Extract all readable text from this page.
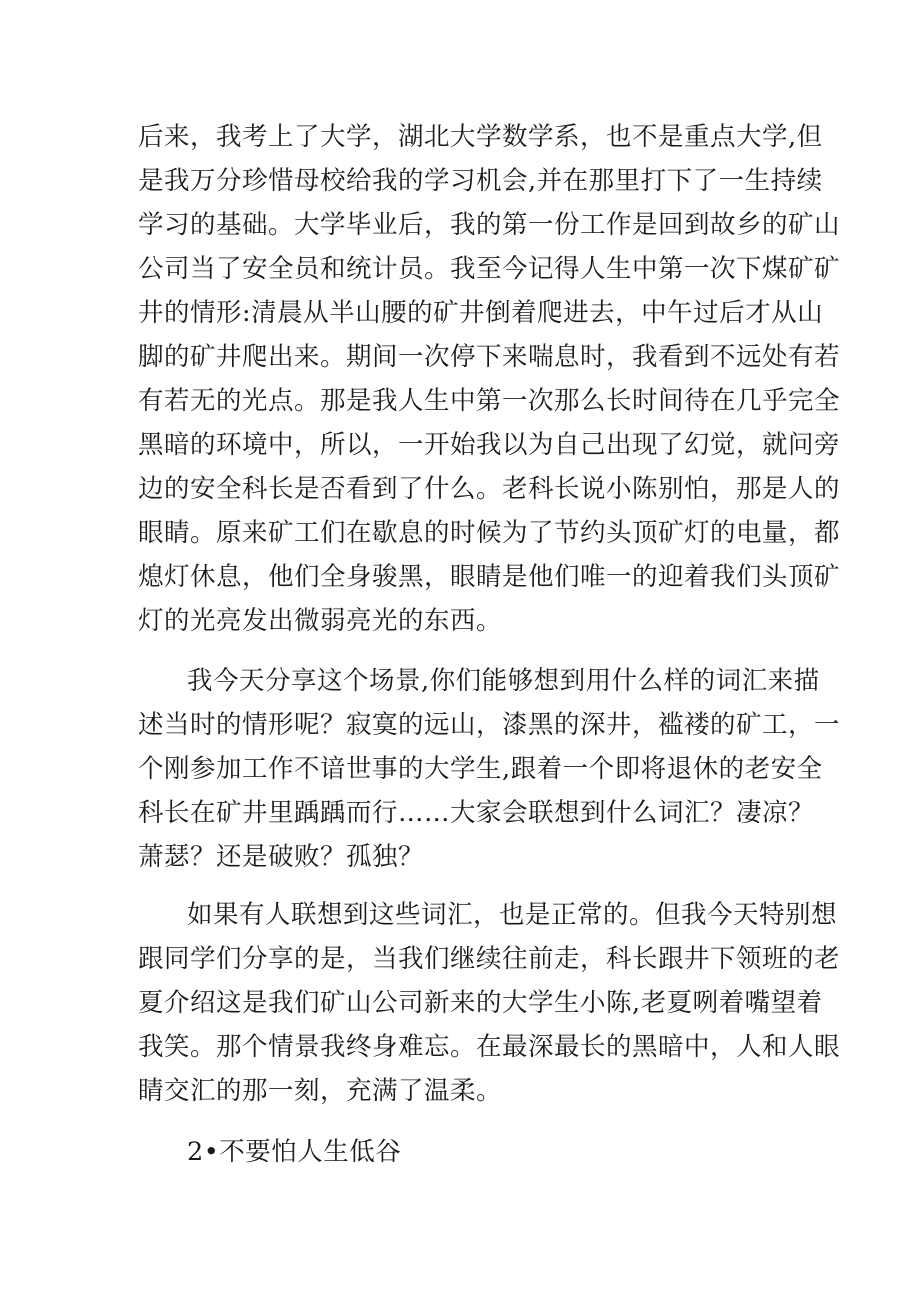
后来，我考上了大学，湖北大学数学系，也不是重点大学,但
是我万分珍惜母校给我的学习机会,并在那里打下了一生持续
学习的基础。大学毕业后，我的第一份工作是回到故乡的矿山
公司当了安全员和统计员。我至今记得人生中第一次下煤矿矿
井的情形:清晨从半山腰的矿井倒着爬进去，中午过后才从山
脚的矿井爬出来。期间一次停下来喘息时，我看到不远处有若
有若无的光点。那是我人生中第一次那么长时间待在几乎完全
黑暗的环境中，所以，一开始我以为自己出现了幻觉，就问旁
边的安全科长是否看到了什么。老科长说小陈别怕，那是人的
眼睛。原来矿工们在歇息的时候为了节约头顶矿灯的电量，都
熄灯休息，他们全身骏黑，眼睛是他们唯一的迎着我们头顶矿
灯的光亮发出微弱亮光的东西。
我今天分享这个场景,你们能够想到用什么样的词汇来描
述当时的情形呢？寂寞的远山，漆黑的深井，褴褛的矿工，一
个刚参加工作不谙世事的大学生,跟着一个即将退休的老安全
科长在矿井里踽踽而行……大家会联想到什么词汇？凄凉？
萧瑟？还是破败？孤独？
如果有人联想到这些词汇，也是正常的。但我今天特别想
跟同学们分享的是，当我们继续往前走，科长跟井下领班的老
夏介绍这是我们矿山公司新来的大学生小陈,老夏咧着嘴望着
我笑。那个情景我终身难忘。在最深最长的黑暗中，人和人眼
睛交汇的那一刻，充满了温柔。
2•不要怕人生低谷
